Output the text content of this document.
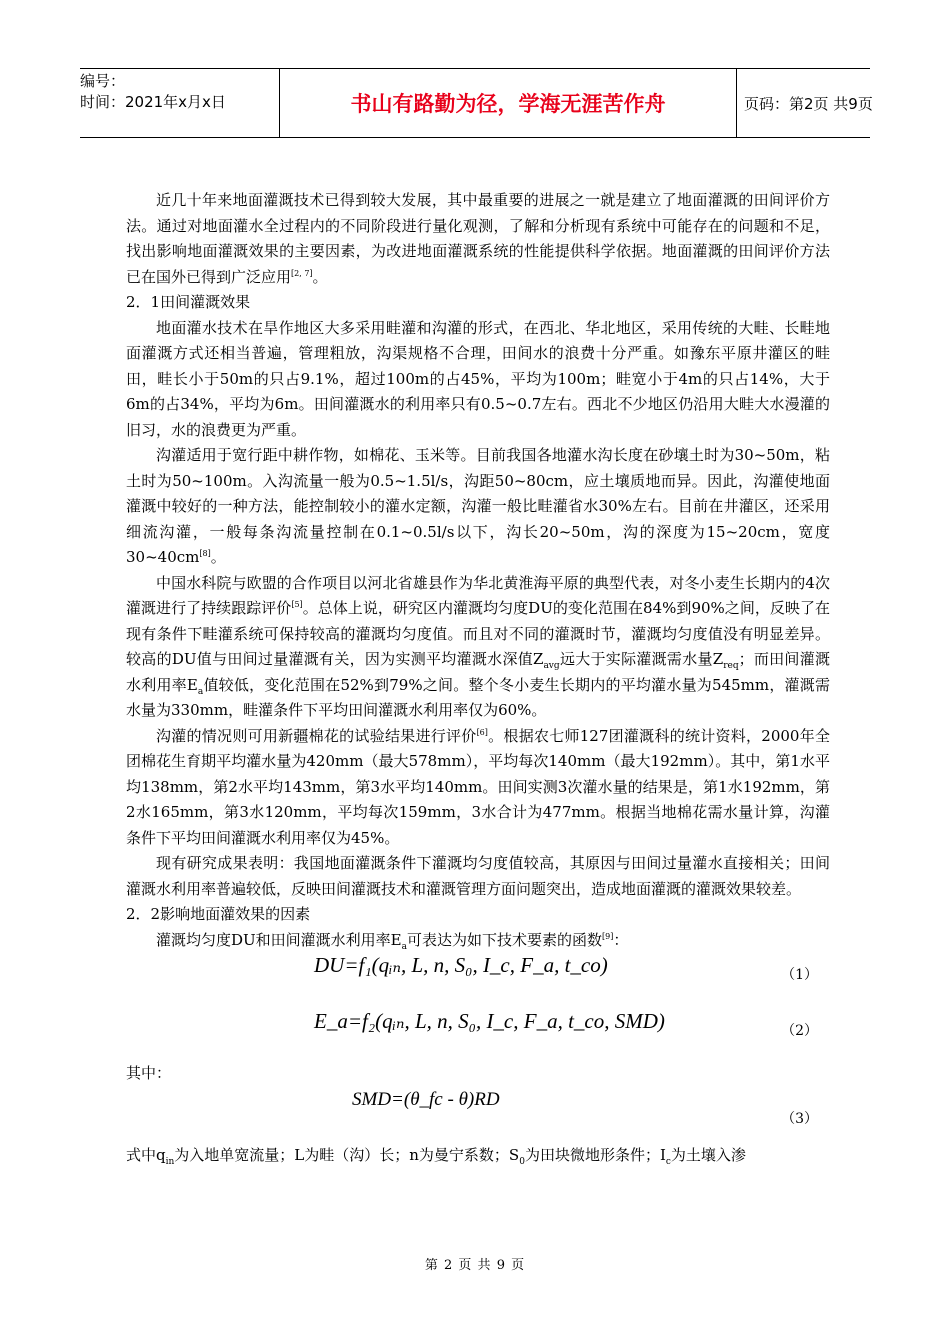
编号：
时间：2021年x月x日	书山有路勤为径，学海无涯苦作舟	页码：第2页 共9页

近几十年来地面灌溉技术已得到较大发展，其中最重要的进展之一就是建立了地面灌溉的田间评价方法。通过对地面灌水全过程内的不同阶段进行量化观测，了解和分析现有系统中可能存在的问题和不足，找出影响地面灌溉效果的主要因素，为改进地面灌溉系统的性能提供科学依据。地面灌溉的田间评价方法已在国外已得到广泛应用[2, 7]。

2．1田间灌溉效果

地面灌水技术在旱作地区大多采用畦灌和沟灌的形式，在西北、华北地区，采用传统的大畦、长畦地面灌溉方式还相当普遍，管理粗放，沟渠规格不合理，田间水的浪费十分严重。如豫东平原井灌区的畦田，畦长小于50m的只占9.1%，超过100m的占45%，平均为100m；畦宽小于4m的只占14%，大于6m的占34%，平均为6m。田间灌溉水的利用率只有0.5~0.7左右。西北不少地区仍沿用大畦大水漫灌的旧习，水的浪费更为严重。

沟灌适用于宽行距中耕作物，如棉花、玉米等。目前我国各地灌水沟长度在砂壤土时为30~50m，粘土时为50~100m。入沟流量一般为0.5~1.5l/s，沟距50~80cm，应土壤质地而异。因此，沟灌使地面灌溉中较好的一种方法，能控制较小的灌水定额，沟灌一般比畦灌省水30%左右。目前在井灌区，还采用细流沟灌，一般每条沟流量控制在0.1~0.5l/s以下，沟长20~50m，沟的深度为15~20cm，宽度30~40cm[8]。

中国水科院与欧盟的合作项目以河北省雄县作为华北黄淮海平原的典型代表，对冬小麦生长期内的4次灌溉进行了持续跟踪评价[5]。总体上说，研究区内灌溉均匀度DU的变化范围在84%到90%之间，反映了在现有条件下畦灌系统可保持较高的灌溉均匀度值。而且对不同的灌溉时节，灌溉均匀度值没有明显差异。较高的DU值与田间过量灌溉有关，因为实测平均灌溉水深值$Z_{avg}$远大于实际灌溉需水量$Z_{req}$；而田间灌溉水利用率$E_a$值较低，变化范围在52%到79%之间。整个冬小麦生长期内的平均灌水量为545mm，灌溉需水量为330mm，畦灌条件下平均田间灌溉水利用率仅为60%。

沟灌的情况则可用新疆棉花的试验结果进行评价[6]。根据农七师127团灌溉科的统计资料，2000年全团棉花生育期平均灌水量为420mm（最大578mm），平均每次140mm（最大192mm）。其中，第1水平均138mm，第2水平均143mm，第3水平均140mm。田间实测3次灌水量的结果是，第1水192mm，第2水165mm，第3水120mm，平均每次159mm，3水合计为477mm。根据当地棉花需水量计算，沟灌条件下平均田间灌溉水利用率仅为45%。

现有研究成果表明：我国地面灌溉条件下灌溉均匀度值较高，其原因与田间过量灌水直接相关；田间灌溉水利用率普遍较低，反映田间灌溉技术和灌溉管理方面问题突出，造成地面灌溉的灌溉效果较差。

2．2影响地面灌效果的因素

灌溉均匀度DU和田间灌溉水利用率$E_a$可表达为如下技术要素的函数[9]：

DU=f₁(qᵢₙ, L, n, S₀, I_c, F_a, t_co)	（1）
E_a=f₂(qᵢₙ, L, n, S₀, I_c, F_a, t_co, SMD)	（2）

其中：

SMD=(θ_fc - θ)RD
（3）

式中$q_{in}$为入地单宽流量；L为畦（沟）长；n为曼宁系数；$S_0$为田块微地形条件；$I_c$为土壤入渗

第 2 页 共 9 页
